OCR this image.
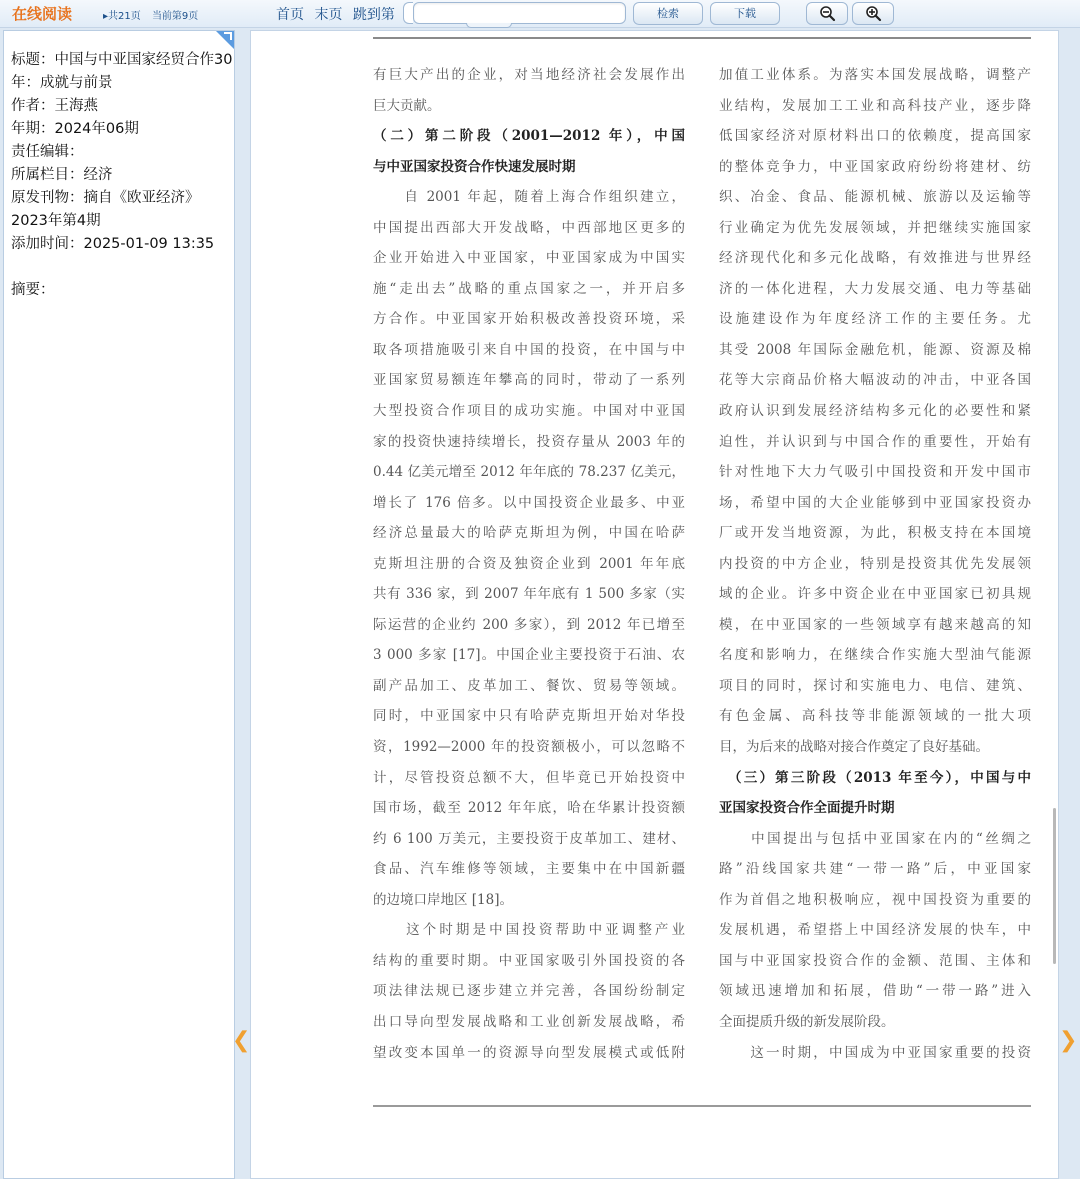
在线阅读	▸共21页 当前第9页	首页 末页 跳到第	检索	下载
标题：中国与中亚国家经贸合作30年：成就与前景
作者：王海燕
年期：2024年06期
责任编辑：
所属栏目：经济
原发刊物：摘自《欧亚经济》2023年第4期
添加时间：2025-01-09 13:35
摘要：
有巨大产出的企业，对当地经济社会发展作出
巨大贡献。
（二）第二阶段（2001—2012 年），中国
与中亚国家投资合作快速发展时期
　　自 2001 年起，随着上海合作组织建立，
中国提出西部大开发战略，中西部地区更多的
企业开始进入中亚国家，中亚国家成为中国实
施“走出去”战略的重点国家之一，并开启多
方合作。中亚国家开始积极改善投资环境，采
取各项措施吸引来自中国的投资，在中国与中
亚国家贸易额连年攀高的同时，带动了一系列
大型投资合作项目的成功实施。中国对中亚国
家的投资快速持续增长，投资存量从 2003 年的
0.44 亿美元增至 2012 年年底的 78.237 亿美元，
增长了 176 倍多。以中国投资企业最多、中亚
经济总量最大的哈萨克斯坦为例，中国在哈萨
克斯坦注册的合资及独资企业到 2001 年年底
共有 336 家，到 2007 年年底有 1 500 多家（实
际运营的企业约 200 多家），到 2012 年已增至
3 000 多家 [17]。中国企业主要投资于石油、农
副产品加工、皮革加工、餐饮、贸易等领域。
同时，中亚国家中只有哈萨克斯坦开始对华投
资，1992—2000 年的投资额极小，可以忽略不
计，尽管投资总额不大，但毕竟已开始投资中
国市场，截至 2012 年年底，哈在华累计投资额
约 6 100 万美元，主要投资于皮革加工、建材、
食品、汽车维修等领域，主要集中在中国新疆
的边境口岸地区 [18]。
　　这个时期是中国投资帮助中亚调整产业
结构的重要时期。中亚国家吸引外国投资的各
项法律法规已逐步建立并完善，各国纷纷制定
出口导向型发展战略和工业创新发展战略，希
望改变本国单一的资源导向型发展模式或低附
加值工业体系。为落实本国发展战略，调整产
业结构，发展加工工业和高科技产业，逐步降
低国家经济对原材料出口的依赖度，提高国家
的整体竞争力，中亚国家政府纷纷将建材、纺
织、冶金、食品、能源机械、旅游以及运输等
行业确定为优先发展领域，并把继续实施国家
经济现代化和多元化战略，有效推进与世界经
济的一体化进程，大力发展交通、电力等基础
设施建设作为年度经济工作的主要任务。尤
其受 2008 年国际金融危机，能源、资源及棉
花等大宗商品价格大幅波动的冲击，中亚各国
政府认识到发展经济结构多元化的必要性和紧
迫性，并认识到与中国合作的重要性，开始有
针对性地下大力气吸引中国投资和开发中国市
场，希望中国的大企业能够到中亚国家投资办
厂或开发当地资源，为此，积极支持在本国境
内投资的中方企业，特别是投资其优先发展领
域的企业。许多中资企业在中亚国家已初具规
模，在中亚国家的一些领域享有越来越高的知
名度和影响力，在继续合作实施大型油气能源
项目的同时，探讨和实施电力、电信、建筑、
有色金属、高科技等非能源领域的一批大项
目，为后来的战略对接合作奠定了良好基础。
　（三）第三阶段（2013 年至今），中国与中
亚国家投资合作全面提升时期
　　中国提出与包括中亚国家在内的“丝绸之
路”沿线国家共建“一带一路”后，中亚国家
作为首倡之地积极响应，视中国投资为重要的
发展机遇，希望搭上中国经济发展的快车，中
国与中亚国家投资合作的金额、范围、主体和
领域迅速增加和拓展，借助“一带一路”进入
全面提质升级的新发展阶段。
　　这一时期，中国成为中亚国家重要的投资
❮	❯
